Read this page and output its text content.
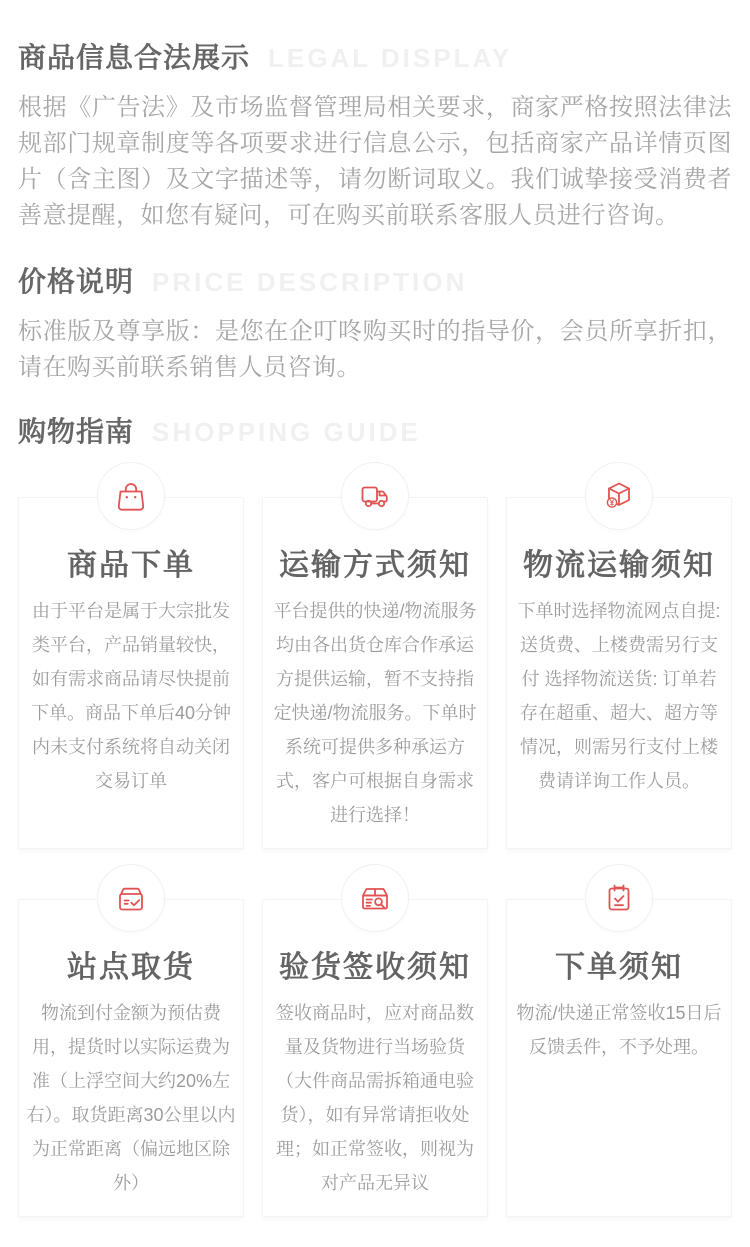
商品信息合法展示 LEGAL DISPLAY

根据《广告法》及市场监督管理局相关要求，商家严格按照法律法规部门规章制度等各项要求进行信息公示，包括商家产品详情页图片（含主图）及文字描述等，请勿断词取义。我们诚挚接受消费者善意提醒，如您有疑问，可在购买前联系客服人员进行咨询。

价格说明 PRICE DESCRIPTION

标准版及尊享版：是您在企叮咚购买时的指导价，会员所享折扣，请在购买前联系销售人员咨询。

购物指南 SHOPPING GUIDE
商品下单

由于平台是属于大宗批发类平台，产品销量较快，如有需求商品请尽快提前下单。商品下单后40分钟内未支付系统将自动关闭交易订单

运输方式须知

平台提供的快递/物流服务均由各出货仓库合作承运方提供运输，暂不支持指定快递/物流服务。下单时系统可提供多种承运方式，客户可根据自身需求进行选择！

¥
物流运输须知

下单时选择物流网点自提: 送货费、上楼费需另行支付 选择物流送货: 订单若存在超重、超大、超方等情况，则需另行支付上楼费请详询工作人员。

站点取货

物流到付金额为预估费用，提货时以实际运费为准（上浮空间大约20%左右）。取货距离30公里以内为正常距离（偏远地区除外）

验货签收须知

签收商品时，应对商品数量及货物进行当场验货（大件商品需拆箱通电验货），如有异常请拒收处理；如正常签收，则视为对产品无异议

下单须知

物流/快递正常签收15日后反馈丢件，不予处理。
